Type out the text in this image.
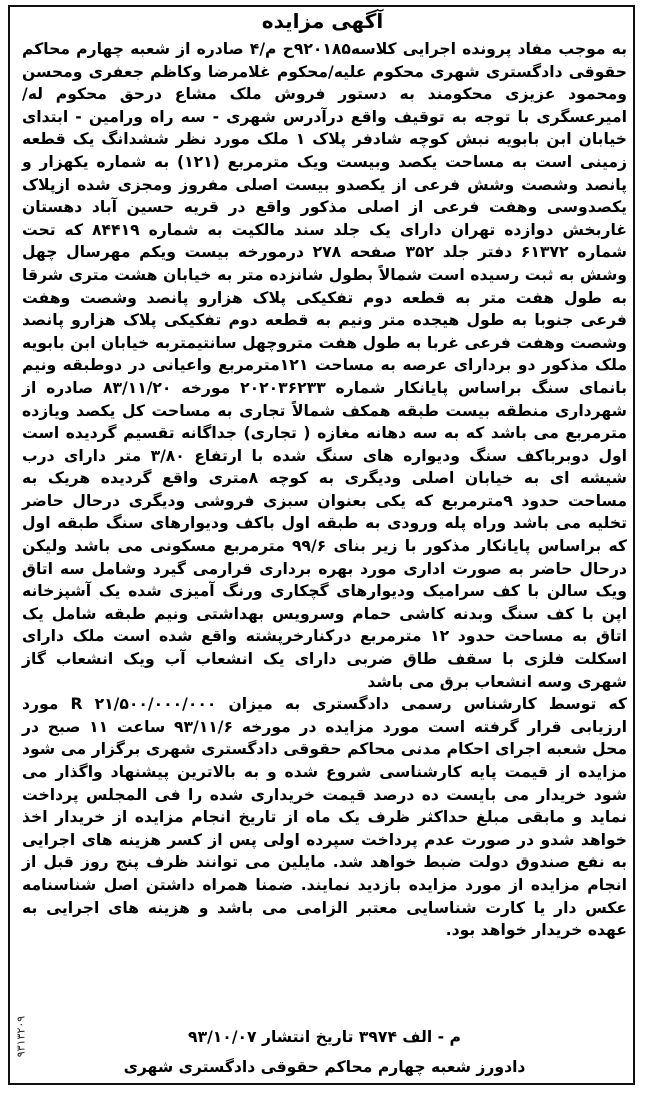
آگهی مزایده

به موجب مفاد پرونده اجرایی کلاسه۹۲۰۱۸۵ح م/۴ صادره از شعبه چهارم محاکم حقوقی دادگستری شهری محکوم علیه/محکوم غلامرضا وکاظم جعفری ومحسن ومحمود عزیزی محکومند به دستور فروش ملک مشاع درحق محکوم له/ امیرعسگری با توجه به توقیف واقع درآدرس شهری - سه راه ورامین - ابتدای خیابان ابن بابویه نبش کوچه شادفر پلاک ۱ ملک مورد نظر ششدانگ یک قطعه زمینی است به مساحت یکصد وبیست ویک مترمربع (۱۲۱) به شماره یکهزار و پانصد وشصت وشش فرعی از یکصدو بیست اصلی مفروز ومجزی شده ازپلاک یکصدوسی وهفت فرعی از اصلی مذکور واقع در قریه حسین آباد دهستان غاربخش دوازده تهران دارای یک جلد سند مالکیت به شماره ۸۴۴۱۹ که تحت شماره ۶۱۳۷۲ دفتر جلد ۳۵۲ صفحه ۲۷۸ درمورخه بیست ویکم مهرسال چهل وشش به ثبت رسیده است شمالاً بطول شانزده متر به خیابان هشت متری شرقا به طول هفت متر به قطعه دوم تفکیکی پلاک هزارو پانصد وشصت وهفت فرعی جنوبا به طول هیجده متر ونیم به قطعه دوم تفکیکی پلاک هزارو پانصد وشصت وهفت فرعی غربا به طول هفت متروچهل سانتیمتربه خیابان ابن بابویه ملک مذکور دو بردارای عرصه به مساحت ۱۲۱مترمربع واعیانی در دوطبقه ونیم بانمای سنگ براساس پایانکار شماره ۲۰۲۰۳۶۲۳۳ مورخه ۸۳/۱۱/۲۰ صادره از شهرداری منطقه بیست طبقه همکف شمالاً تجاری به مساحت کل یکصد ویازده مترمربع می باشد که به سه دهانه مغازه ( تجاری) جداگانه تقسیم گردیده است اول دوبرباکف سنگ ودیواره های سنگ شده با ارتفاع ۳/۸۰ متر دارای درب شیشه ای به خیابان اصلی ودیگری به کوچه ۸متری واقع گردیده هریک به مساحت حدود ۹مترمربع که یکی بعنوان سبزی فروشی ودیگری درحال حاضر تخلیه می باشد وراه پله ورودی به طبقه اول باکف ودیوارهای سنگ طبقه اول که براساس پایانکار مذکور با زیر بنای ۹۹/۶ مترمربع مسکونی می باشد ولیکن درحال حاضر به صورت اداری مورد بهره برداری قرارمی گیرد وشامل سه اتاق ویک سالن با کف سرامیک ودیوارهای گچکاری ورنگ آمیزی شده یک آشپزخانه اپن با کف سنگ وبدنه کاشی حمام وسرویس بهداشتی ونیم طبقه شامل یک اتاق به مساحت حدود ۱۲ مترمربع درکنارخرپشته واقع شده است ملک دارای اسکلت فلزی با سقف طاق ضربی دارای یک انشعاب آب ویک انشعاب گاز شهری وسه انشعاب برق می باشد

که توسط کارشناس رسمی دادگستری به میزان R ۲۱/۵۰۰/۰۰۰/۰۰۰ مورد ارزیابی قرار گرفته است مورد مزایده در مورخه ۹۳/۱۱/۶ ساعت ۱۱ صبح در محل شعبه اجرای احکام مدنی محاکم حقوقی دادگستری شهری برگزار می شود مزایده از قیمت پایه کارشناسی شروع شده و به بالاترین پیشنهاد واگذار می شود خریدار می بایست ده درصد قیمت خریداری شده را فی المجلس پرداخت نماید و مابقی مبلغ حداکثر ظرف یک ماه از تاریخ انجام مزایده از خریدار اخذ خواهد شدو در صورت عدم پرداخت سپرده اولی پس از کسر هزینه های اجرایی به نفع صندوق دولت ضبط خواهد شد. مایلین می توانند ظرف پنج روز قبل از انجام مزایده از مورد مزایده بازدید نمایند. ضمنا همراه داشتن اصل شناسنامه عکس دار یا کارت شناسایی معتبر الزامی می باشد و هزینه های اجرایی به عهده خریدار خواهد بود.

م - الف ۳۹۷۴ تاریخ انتشار ۹۳/۱۰/۰۷
دادورز شعبه چهارم محاکم حقوقی دادگستری شهری
۹۳۱۳۲۰۹
